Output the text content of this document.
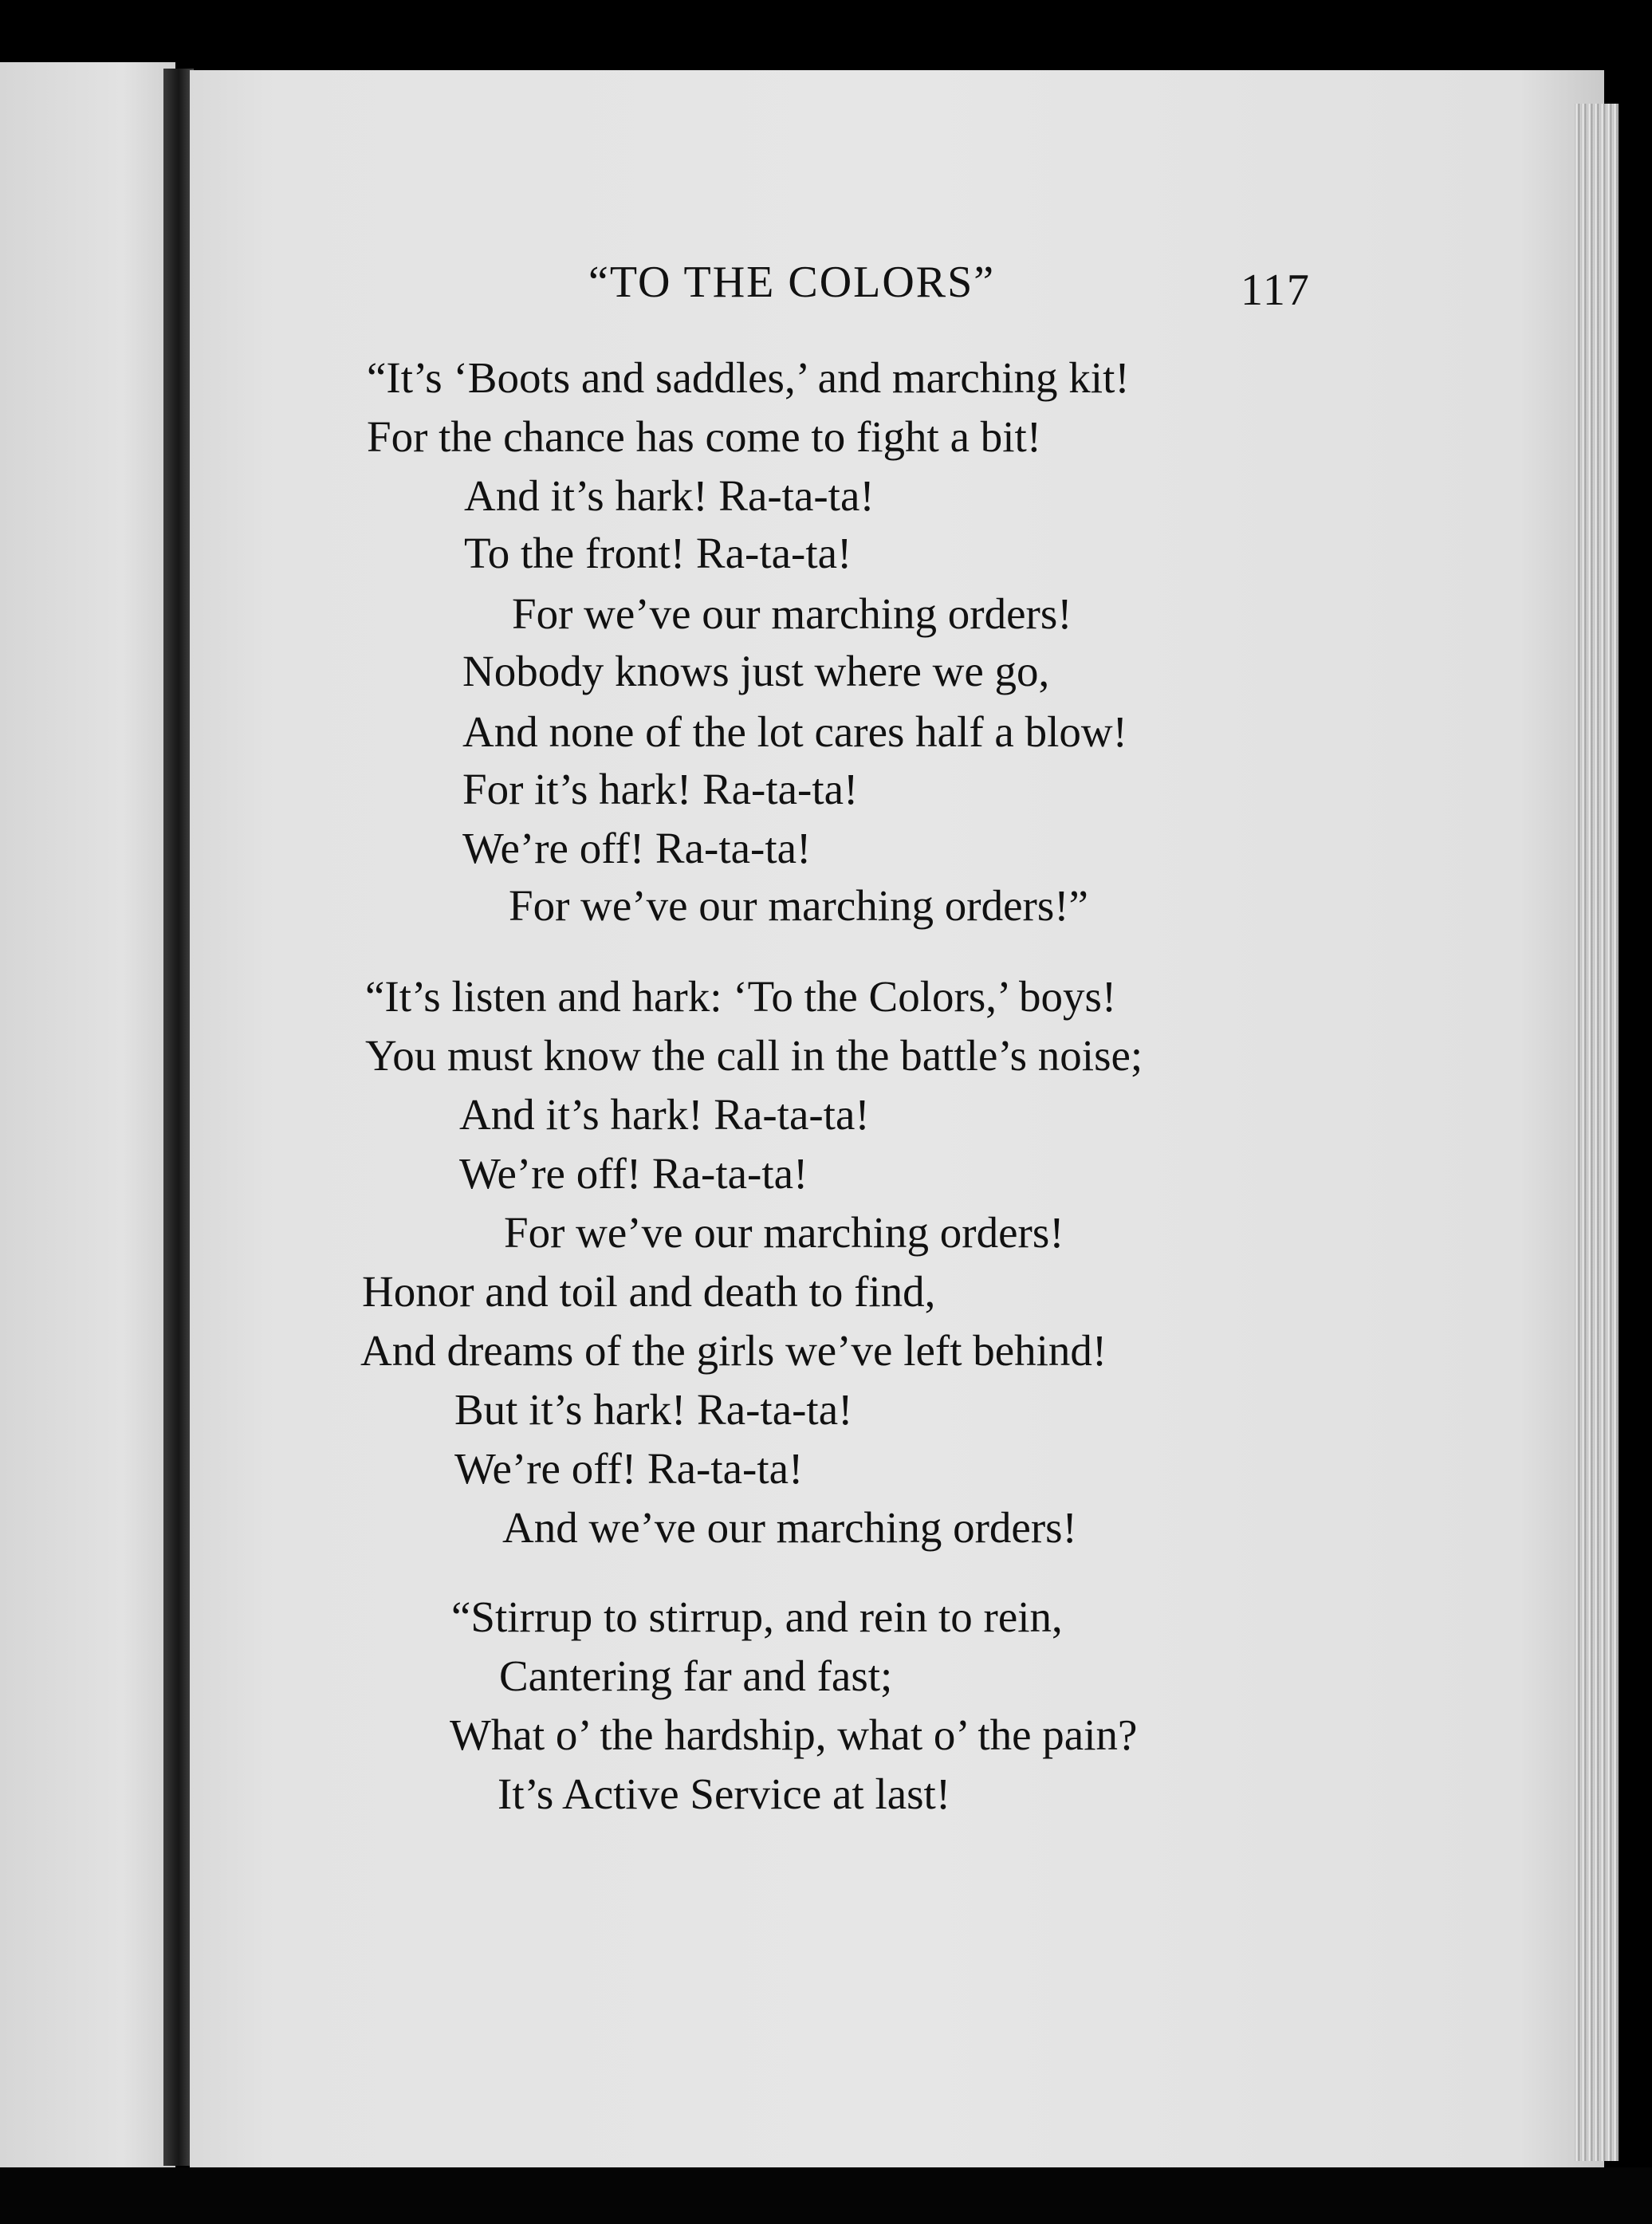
“TO THE COLORS”	117
“It’s ‘Boots and saddles,’ and marching kit!
For the chance has come to fight a bit!
And it’s hark! Ra-ta-ta!
To the front! Ra-ta-ta!
For we’ve our marching orders!
Nobody knows just where we go,
And none of the lot cares half a blow!
For it’s hark! Ra-ta-ta!
We’re off! Ra-ta-ta!
For we’ve our marching orders!”
“It’s listen and hark: ‘To the Colors,’ boys!
You must know the call in the battle’s noise;
And it’s hark! Ra-ta-ta!
We’re off! Ra-ta-ta!
For we’ve our marching orders!
Honor and toil and death to find,
And dreams of the girls we’ve left behind!
But it’s hark! Ra-ta-ta!
We’re off! Ra-ta-ta!
And we’ve our marching orders!
“Stirrup to stirrup, and rein to rein,
Cantering far and fast;
What o’ the hardship, what o’ the pain?
It’s Active Service at last!
